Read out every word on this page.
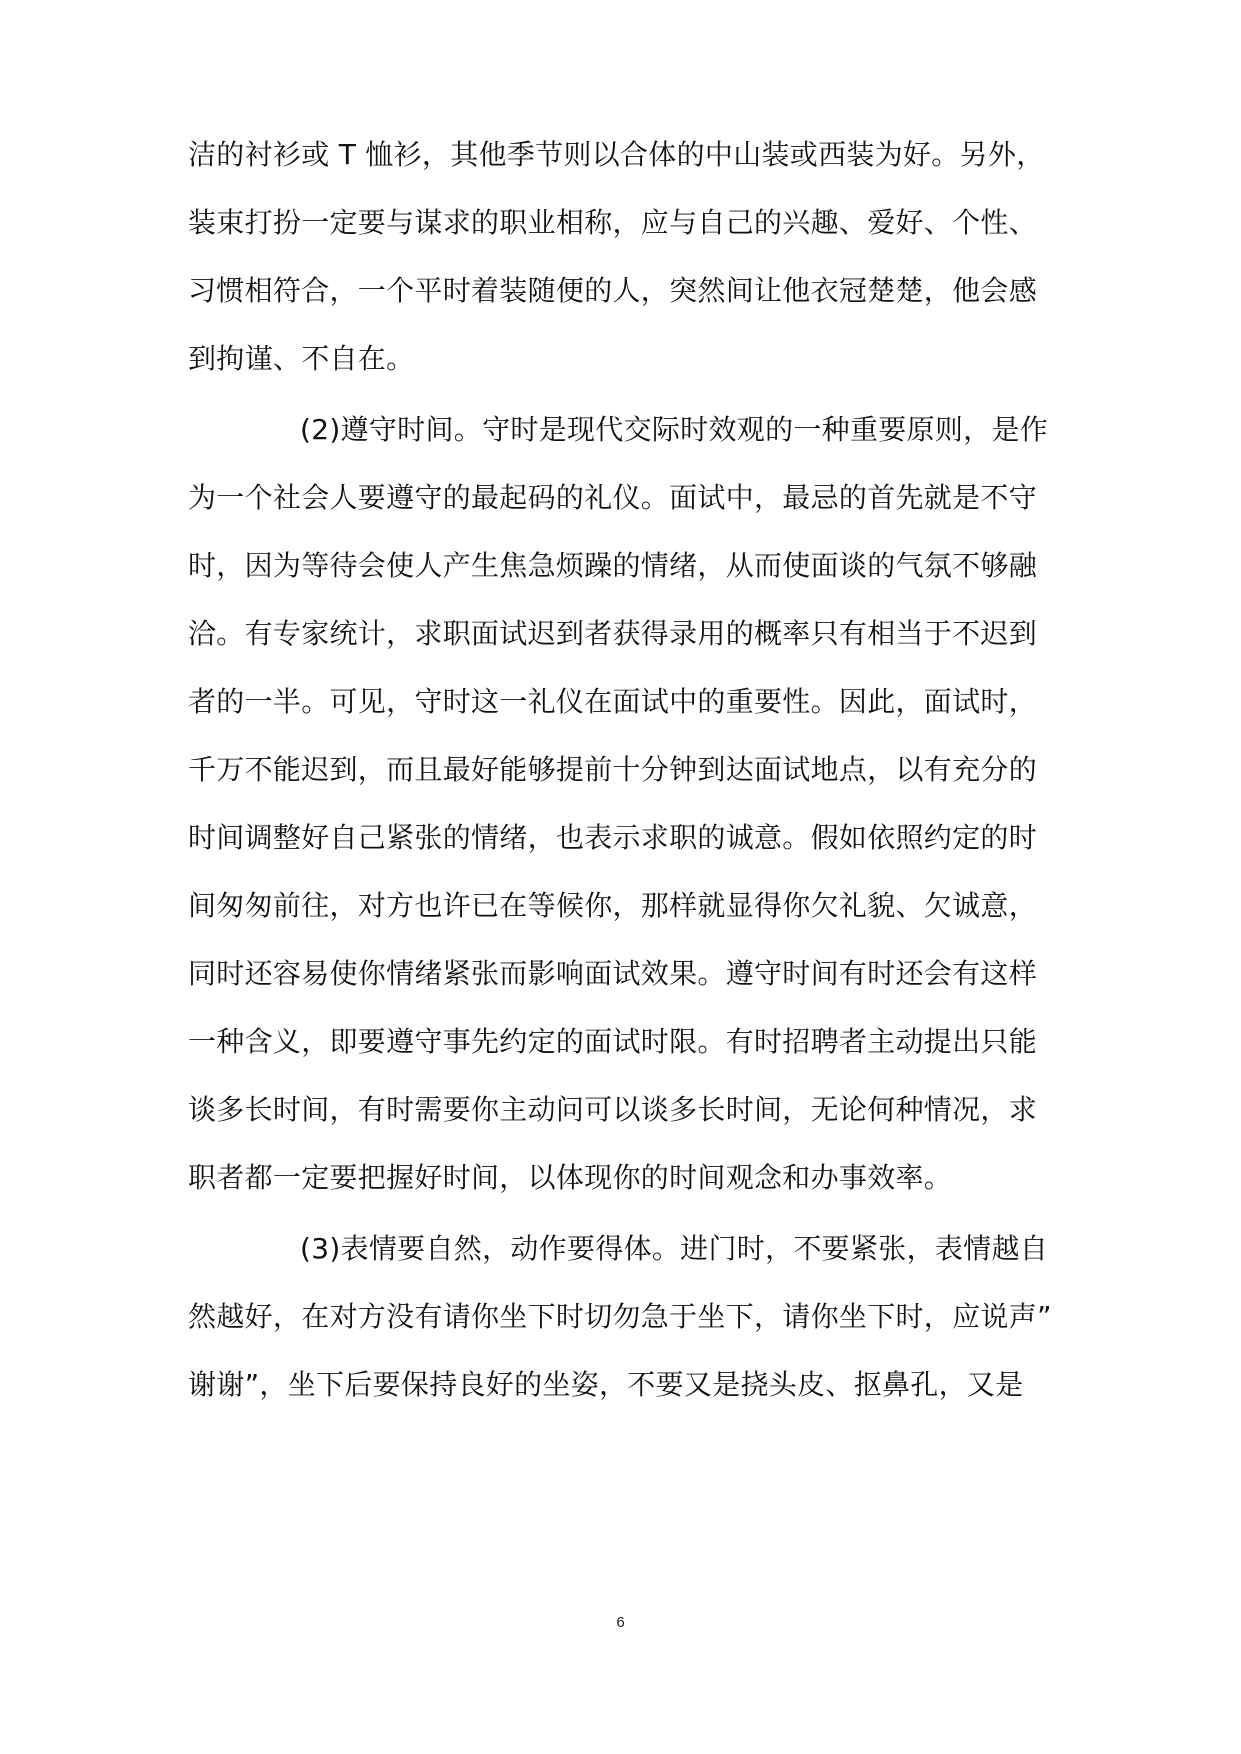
洁的衬衫或 T 恤衫，其他季节则以合体的中山装或西装为好。另外，
装束打扮一定要与谋求的职业相称，应与自己的兴趣、爱好、个性、
习惯相符合，一个平时着装随便的人，突然间让他衣冠楚楚，他会感
到拘谨、不自在。
(2)遵守时间。守时是现代交际时效观的一种重要原则，是作
为一个社会人要遵守的最起码的礼仪。面试中，最忌的首先就是不守
时，因为等待会使人产生焦急烦躁的情绪，从而使面谈的气氛不够融
洽。有专家统计，求职面试迟到者获得录用的概率只有相当于不迟到
者的一半。可见，守时这一礼仪在面试中的重要性。因此，面试时，
千万不能迟到，而且最好能够提前十分钟到达面试地点，以有充分的
时间调整好自己紧张的情绪，也表示求职的诚意。假如依照约定的时
间匆匆前往，对方也许已在等候你，那样就显得你欠礼貌、欠诚意，
同时还容易使你情绪紧张而影响面试效果。遵守时间有时还会有这样
一种含义，即要遵守事先约定的面试时限。有时招聘者主动提出只能
谈多长时间，有时需要你主动问可以谈多长时间，无论何种情况，求
职者都一定要把握好时间，以体现你的时间观念和办事效率。
(3)表情要自然，动作要得体。进门时，不要紧张，表情越自
然越好，在对方没有请你坐下时切勿急于坐下，请你坐下时，应说声”
谢谢”，坐下后要保持良好的坐姿，不要又是挠头皮、抠鼻孔，又是
6
